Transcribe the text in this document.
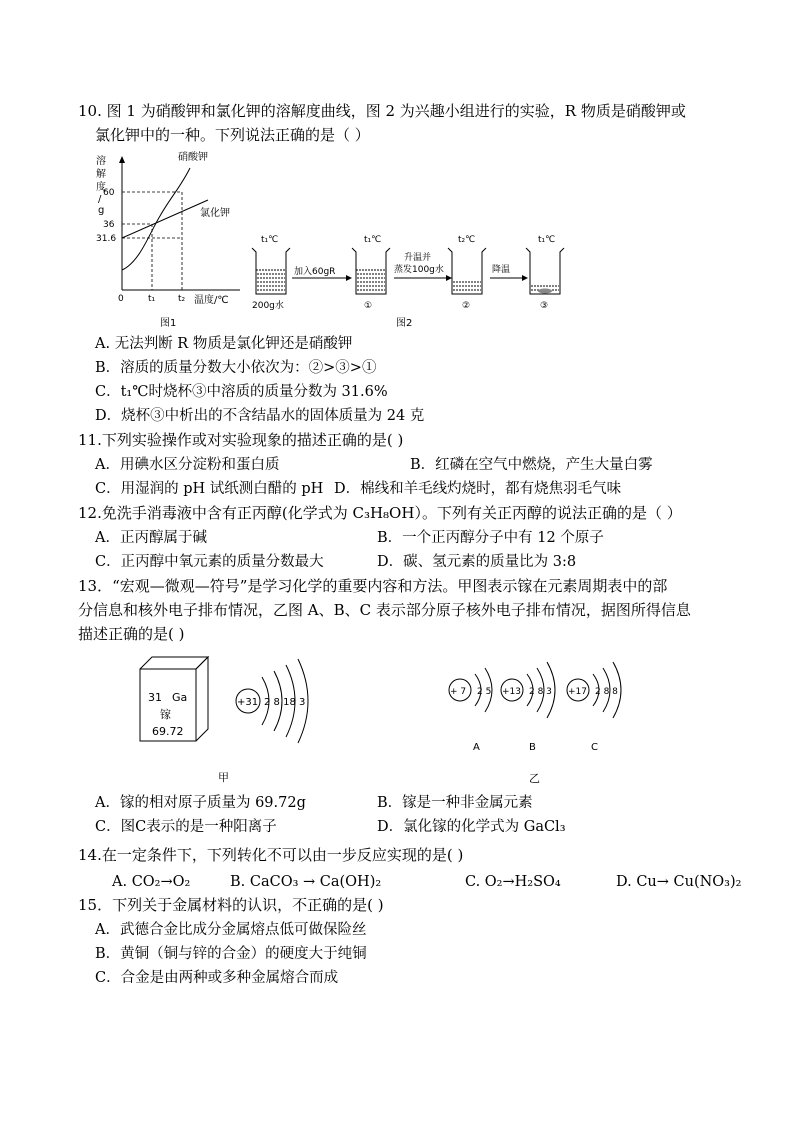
10. 图 1 为硝酸钾和氯化钾的溶解度曲线，图 2 为兴趣小组进行的实验，R 物质是硝酸钾或
氯化钾中的一种。下列说法正确的是（ ）
溶
解
度
/
g
硝酸钾
氯化钾
60
36
31.6
0	t₁	t₂ 温度/℃
图1
t₁℃	t₁℃	t₂℃	t₁℃
加入60gR
升温并
蒸发100g水	降温
200g水	①	②	③
图2
A. 无法判断 R 物质是氯化钾还是硝酸钾
B．溶质的质量分数大小依次为：②>③>①
C．t₁℃时烧杯③中溶质的质量分数为 31.6%
D．烧杯③中析出的不含结晶水的固体质量为 24 克
11.下列实验操作或对实验现象的描述正确的是( )
A．用碘水区分淀粉和蛋白质	B．红磷在空气中燃烧，产生大量白雾
C．用湿润的 pH 试纸测白醋的 pH D．棉线和羊毛线灼烧时，都有烧焦羽毛气味
12.免洗手消毒液中含有正丙醇(化学式为 C₃H₈OH）。下列有关正丙醇的说法正确的是（ ）
A．正丙醇属于碱	B．一个正丙醇分子中有 12 个原子
C．正丙醇中氧元素的质量分数最大	D．碳、氢元素的质量比为 3:8
13．“宏观—微观—符号”是学习化学的重要内容和方法。甲图表示镓在元素周期表中的部
分信息和核外电子排布情况，乙图 A、B、C 表示部分原子核外电子排布情况，据图所得信息
描述正确的是( )
31 Ga
镓
69.72
+31 2 8 18 3
甲
+ 7 2 5
A
+13 2 8 3
B
+17 2 8 8
C
乙
A．镓的相对原子质量为 69.72g	B．镓是一种非金属元素
C．图C表示的是一种阳离子	D．氯化镓的化学式为 GaCl₃
14.在一定条件下，下列转化不可以由一步反应实现的是( )
A. CO₂→O₂	B. CaCO₃ → Ca(OH)₂	C. O₂→H₂SO₄	D. Cu→ Cu(NO₃)₂
15．下列关于金属材料的认识，不正确的是( )
A．武德合金比成分金属熔点低可做保险丝
B．黄铜（铜与锌的合金）的硬度大于纯铜
C．合金是由两种或多种金属熔合而成
